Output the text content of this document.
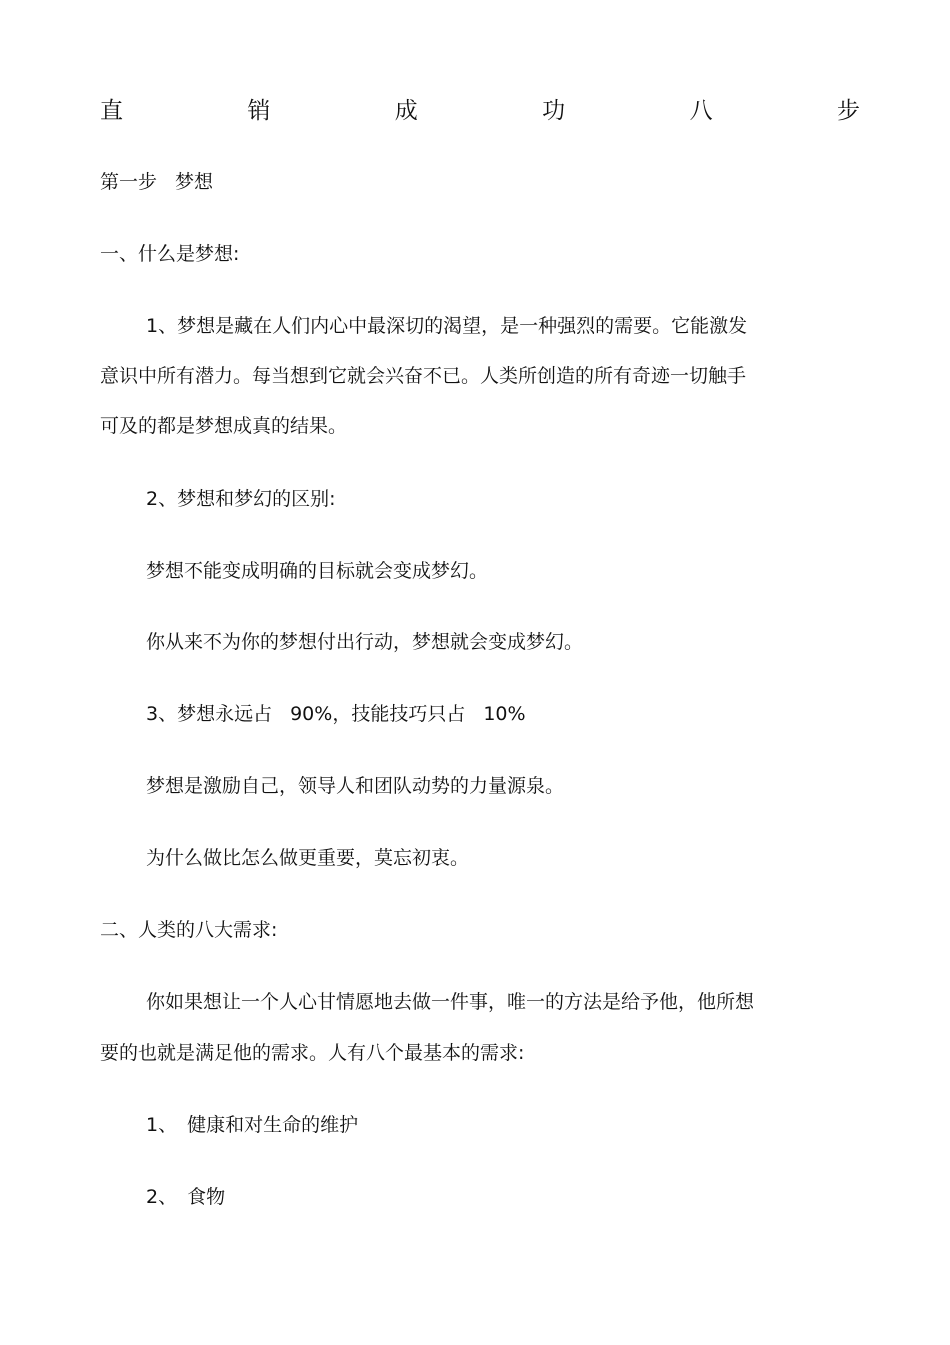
直	销	成	功	八	步
第一步 梦想
一、什么是梦想:
1、梦想是藏在人们内心中最深切的渴望，是一种强烈的需要。它能激发
意识中所有潜力。每当想到它就会兴奋不已。人类所创造的所有奇迹一切触手
可及的都是梦想成真的结果。
2、梦想和梦幻的区别:
梦想不能变成明确的目标就会变成梦幻。
你从来不为你的梦想付出行动，梦想就会变成梦幻。
3、梦想永远占 90%，技能技巧只占 10%
梦想是激励自己，领导人和团队动势的力量源泉。
为什么做比怎么做更重要，莫忘初衷。
二、人类的八大需求:
你如果想让一个人心甘情愿地去做一件事，唯一的方法是给予他，他所想
要的也就是满足他的需求。人有八个最基本的需求:
1、 健康和对生命的维护
2、 食物
